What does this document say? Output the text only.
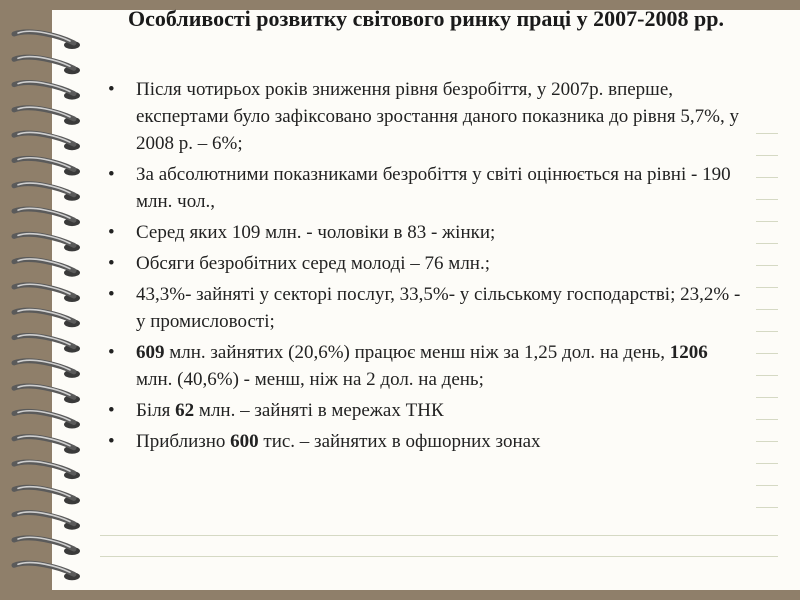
Особливості розвитку світового ринку праці у 2007-2008 рр.
• Після чотирьох років зниження рівня безробіття, у 2007р. вперше, експертами було зафіксовано зростання даного показника до рівня 5,7%, у 2008 р. – 6%;
• За абсолютними показниками безробіття у світі оцінюється на рівні - 190 млн. чол.,
• Серед яких 109 млн. - чоловіки в 83 - жінки;
• Обсяги безробітних серед молоді – 76 млн.;
• 43,3%- зайняті у секторі послуг, 33,5%- у сільському господарстві; 23,2% - у промисловості;
• 609 млн. зайнятих (20,6%) працює менш ніж за 1,25 дол. на день, 1206 млн. (40,6%) - менш, ніж на 2 дол. на день;
• Біля 62 млн. – зайняті в мережах ТНК
• Приблизно 600 тис. – зайнятих в офшорних зонах
